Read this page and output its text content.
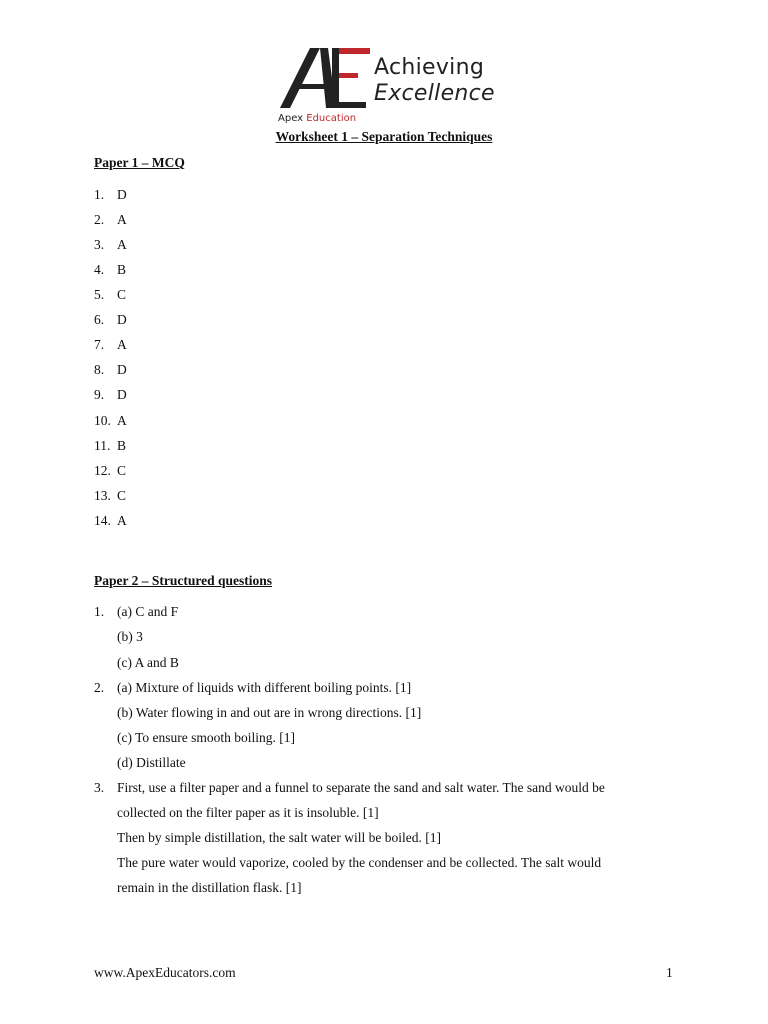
Achieving
Excellence
Apex Education
Worksheet 1 – Separation Techniques
Paper 1 – MCQ
1. D
2. A
3. A
4. B
5. C
6. D
7. A
8. D
9. D
10. A
11. B
12. C
13. C
14. A
Paper 2 – Structured questions
1. (a) C and F
(b) 3
(c) A and B
2. (a) Mixture of liquids with different boiling points. [1]
(b) Water flowing in and out are in wrong directions. [1]
(c) To ensure smooth boiling. [1]
(d) Distillate
3. First, use a filter paper and a funnel to separate the sand and salt water. The sand would be
collected on the filter paper as it is insoluble. [1]
Then by simple distillation, the salt water will be boiled. [1]
The pure water would vaporize, cooled by the condenser and be collected. The salt would
remain in the distillation flask. [1]
www.ApexEducators.com	1
